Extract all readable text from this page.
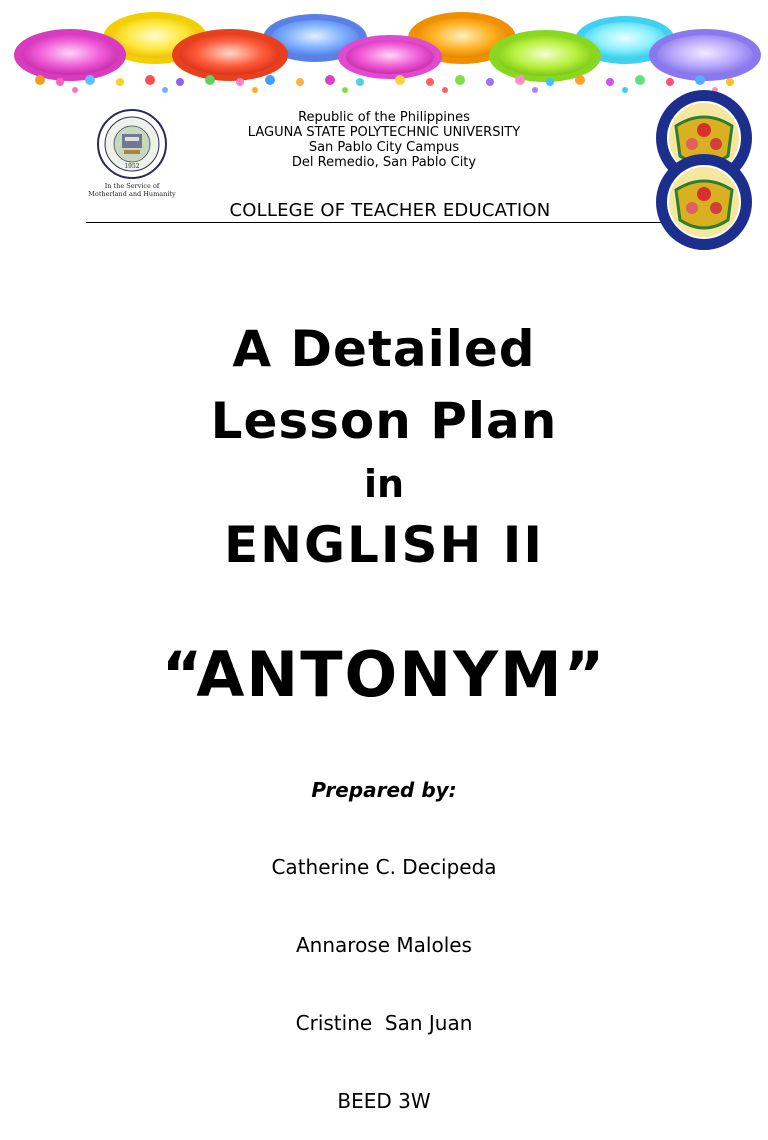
1952
In the Service of
Motherland and Humanity
Republic of the Philippines
LAGUNA STATE POLYTECHNIC UNIVERSITY
San Pablo City Campus
Del Remedio, San Pablo City
COLLEGE OF TEACHER EDUCATION
A Detailed
Lesson Plan
in
ENGLISH II
“ANTONYM”
Prepared by:

Catherine C. Decipeda

Annarose Maloles

Cristine  San Juan

BEED 3W
